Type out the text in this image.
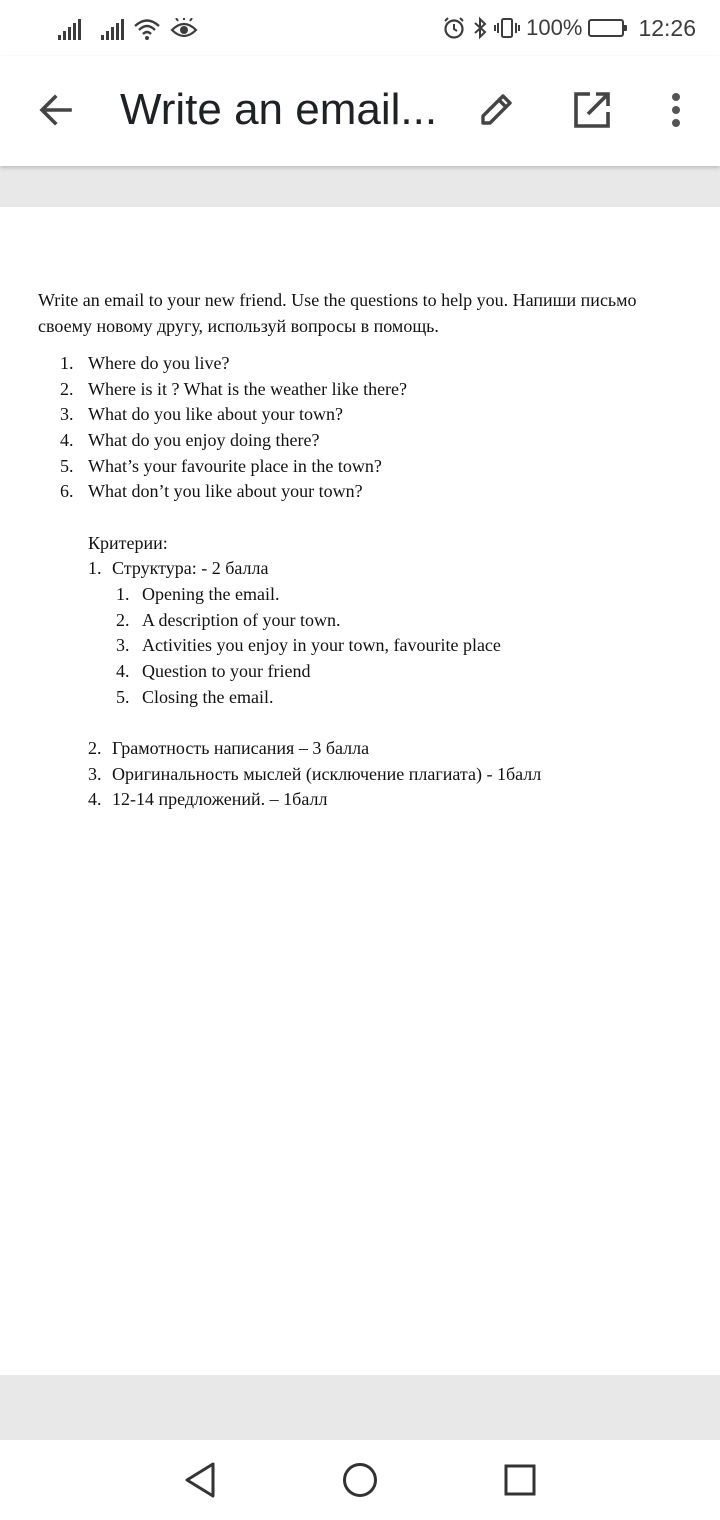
100% 12:26
Write an email...

Write an email to your new friend. Use the questions to help you. Напиши письмо своему новому другу, используй вопросы в помощь.

1. Where do you live?
2. Where is it ? What is the weather like there?
3. What do you like about your town?
4. What do you enjoy doing there?
5. What’s your favourite place in the town?
6. What don’t you like about your town?
Критерии:
1. Структура: - 2 балла
1. Opening the email.
2. A description of your town.
3. Activities you enjoy in your town, favourite place
4. Question to your friend
5. Closing the email.
2. Грамотность написания – 3 балла
3. Оригинальность мыслей (исключение плагиата) - 1балл
4. 12-14 предложений. – 1балл
